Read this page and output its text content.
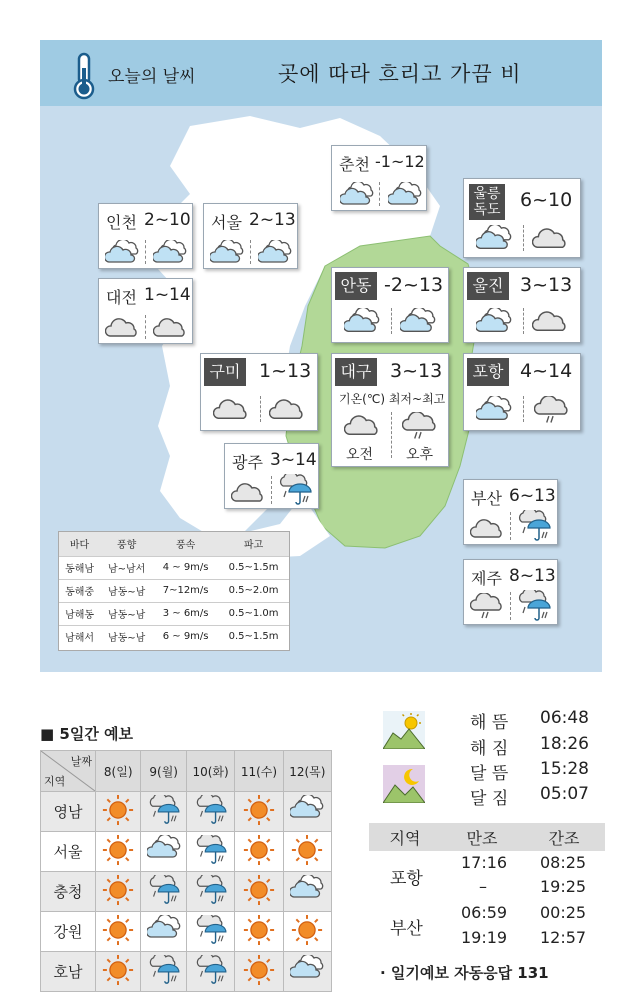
오늘의 날씨	곳에 따라 흐리고 가끔 비
춘천 -1~12
인천 2~10 서울 2~13
울릉
독도 6~10
대전 1~14	안동 -2~13	울진 3~13
구미 1~13	대구 3~13
기온(℃) 최저~최고
오전 오후
포항 4~14
광주 3~14
부산 6~13
제주 8~13
바다	풍향	풍속	파고
동해남	남~남서	4 ~ 9m/s	0.5~1.5m
동해중	남동~남	7~12m/s	0.5~2.0m
남해동	남동~남	3 ~ 6m/s	0.5~1.0m
남해서	남동~남	6 ~ 9m/s	0.5~1.5m
■ 5일간 예보
날짜
지역	8(일)	9(월)	10(화)	11(수)	12(목)
영남					
서울					
충청					
강원					
호남					
해 뜸 06:48
해 짐 18:26
달 뜸 15:28
달 짐 05:07
지역	만조	간조
포항
17:16 08:25
–	19:25
부산
06:59 00:25
19:19 12:57
· 일기예보 자동응답 131
